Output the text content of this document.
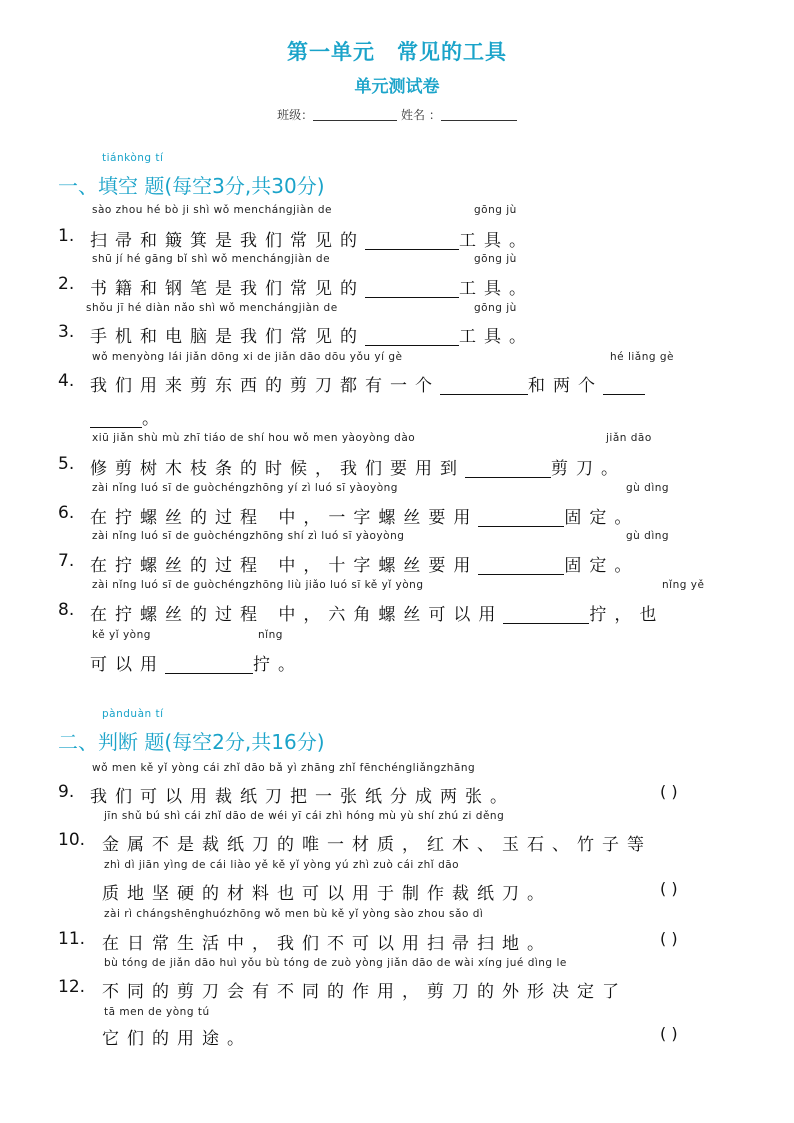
第一单元　常见的工具
单元测试卷
班级：	姓名 ：
tiánkòng tí
一、填空 题(每空3分,共30分)
sào zhou hé bò ji shì wǒ menchángjiàn de	gōng jù
1. 扫帚和簸箕是我们常见的	工具。
shū jí hé gāng bǐ shì wǒ menchángjiàn de	gōng jù
2. 书籍和钢笔是我们常见的	工具。
shǒu jī hé diàn nǎo shì wǒ menchángjiàn de	gōng jù
3. 手机和电脑是我们常见的	工具。
wǒ menyòng lái jiǎn dōng xi de jiǎn dāo dōu yǒu yí gè	hé liǎng gè
4. 我们用来剪东西的剪刀都有一个	和两个
。
xiū jiǎn shù mù zhī tiáo de shí hou wǒ men yàoyòng dào	jiǎn dāo
5. 修剪树木枝条的时候，我们要用到	剪刀。
zài nǐng luó sī de guòchéngzhōng yí zì luó sī yàoyòng	gù dìng
6. 在拧螺丝的过程 中，一字螺丝要用	固定。
zài nǐng luó sī de guòchéngzhōng shí zì luó sī yàoyòng	gù dìng
7. 在拧螺丝的过程 中，十字螺丝要用	固定。
zài nǐng luó sī de guòchéngzhōng liù jiǎo luó sī kě yǐ yòng	nǐng yě
8. 在拧螺丝的过程 中，六角螺丝可以用	拧，也
kě yǐ yòng	nǐng
可以用	拧。
pànduàn tí
二、判断 题(每空2分,共16分)
wǒ men kě yǐ yòng cái zhǐ dāo bǎ yì zhāng zhǐ fēnchéngliǎngzhāng
9. 我们可以用裁纸刀把一张纸分成两张。	( )
jīn shǔ bú shì cái zhǐ dāo de wéi yī cái zhì hóng mù yù shí zhú zi děng
10. 金属不是裁纸刀的唯一材质，红木、玉石、竹子等
zhì dì jiān yìng de cái liào yě kě yǐ yòng yú zhì zuò cái zhǐ dāo
质地坚硬的材料也可以用于制作裁纸刀。	( )
zài rì chángshēnghuózhōng wǒ men bù kě yǐ yòng sào zhou sǎo dì
11. 在日常生活中，我们不可以用扫帚扫地。	( )
bù tóng de jiǎn dāo huì yǒu bù tóng de zuò yòng jiǎn dāo de wài xíng jué dìng le
12. 不同的剪刀会有不同的作用，剪刀的外形决定了
tā men de yòng tú
它们的用途。	( )
